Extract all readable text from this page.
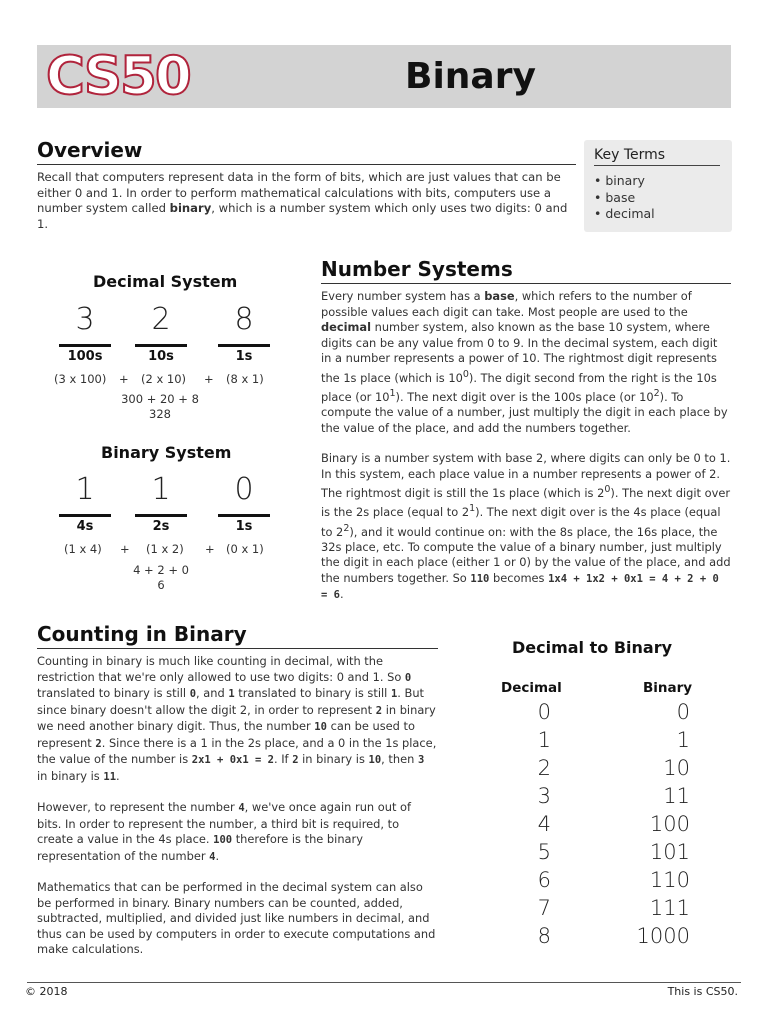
CS50	Binary
Overview

Recall that computers represent data in the form of bits, which are just values that can be either 0 and 1. In order to perform mathematical calculations with bits, computers use a number system called binary, which is a number system which only uses two digits: 0 and 1.

Key Terms
• binary
• base
• decimal
Decimal System
3	2	8
100s	10s	1s
(3 x 100) + (2 x 10) + (8 x 1)
300 + 20 + 8
328
Binary System
1	1	0
4s	2s	1s
(1 x 4) + (1 x 2) + (0 x 1)
4 + 2 + 0
6
Number Systems

Every number system has a base, which refers to the number of possible values each digit can take. Most people are used to the decimal number system, also known as the base 10 system, where digits can be any value from 0 to 9. In the decimal system, each digit in a number represents a power of 10. The rightmost digit represents the 1s place (which is $10^0$). The digit second from the right is the 10s place (or $10^1$). The next digit over is the 100s place (or $10^2$). To compute the value of a number, just multiply the digit in each place by the value of the place, and add the numbers together.

Binary is a number system with base 2, where digits can only be 0 to 1. In this system, each place value in a number represents a power of 2. The rightmost digit is still the 1s place (which is $2^0$). The next digit over is the 2s place (equal to $2^1$). The next digit over is the 4s place (equal to $2^2$), and it would continue on: with the 8s place, the 16s place, the 32s place, etc. To compute the value of a binary number, just multiply the digit in each place (either 1 or 0) by the value of the place, and add the numbers together. So 110 becomes 1x4 + 1x2 + 0x1 = 4 + 2 + 0 = 6.

Counting in Binary

Counting in binary is much like counting in decimal, with the restriction that we're only allowed to use two digits: 0 and 1. So 0 translated to binary is still 0, and 1 translated to binary is still 1. But since binary doesn't allow the digit 2, in order to represent 2 in binary we need another binary digit. Thus, the number 10 can be used to represent 2. Since there is a 1 in the 2s place, and a 0 in the 1s place, the value of the number is 2x1 + 0x1 = 2. If 2 in binary is 10, then 3 in binary is 11.

However, to represent the number 4, we've once again run out of bits. In order to represent the number, a third bit is required, to create a value in the 4s place. 100 therefore is the binary representation of the number 4.

Mathematics that can be performed in the decimal system can also be performed in binary. Binary numbers can be counted, added, subtracted, multiplied, and divided just like numbers in decimal, and thus can be used by computers in order to execute computations and make calculations.

Decimal to Binary
Decimal	Binary
0	0
1	1
2	10
3	11
4	100
5	101
6	110
7	111
8	1000
© 2018	This is CS50.
